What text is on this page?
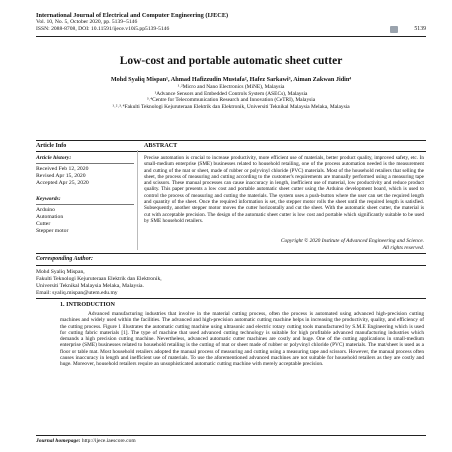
International Journal of Electrical and Computer Engineering (IJECE)
Vol. 10, No. 5, October 2020, pp. 5139~5146
ISSN: 2088-8708, DOI: 10.11591/ijece.v10i5.pp5139-5146	5139
Low-cost and portable automatic sheet cutter
Mohd Syaliq Mispan¹, Ahmad Hafizzudin Mustafa², Hafez Sarkawi³, Aiman Zakwan Jidin⁴
¹˒²Micro and Nano Electronics (MiNE), Malaysia
¹Advance Sensors and Embedded Controls System (ASECs), Malaysia
³˒⁴Centre for Telecommunication Research and Innovation (CeTRI), Malaysia
¹˒²˒³˒⁴Fakulti Teknologi Kejuruteraan Elektrik dan Elektronik, Universiti Teknikal Malaysia Melaka, Malaysia
Article Info	ABSTRACT
Article history:
Received Feb 12, 2020
Revised Apr 15, 2020
Accepted Apr 25, 2020
Keywords:
Arduino
Automation
Cutter
Stepper motor
Precise automation is crucial to increase productivity, more efficient use of materials, better product quality, improved safety, etc. In small-medium enterprise (SME) businesses related to household retailing, one of the process automation needed is the measurement and cutting of the mat or sheet, made of rubber or polyvinyl chloride (PVC) materials. Most of the household retailers that selling the sheet, the process of measuring and cutting according to the customer's requirements are manually performed using a measuring tape and scissors. These manual processes can cause inaccuracy in length, inefficient use of material, low productivity and reduce product quality. This paper presents a low cost and portable automatic sheet cutter using the Arduino development board, which is used to control the process of measuring and cutting the materials. The system uses a push-button where the user can set the required length and quantity of the sheet. Once the required information is set, the stepper motor rolls the sheet until the required length is satisfied. Subsequently, another stepper motor moves the cutter horizontally and cut the sheet. With the automatic sheet cutter, the material is cut with acceptable precision. The design of the automatic sheet cutter is low cost and portable which significantly suitable to be used by SME household retailers.
Copyright © 2020 Institute of Advanced Engineering and Science.
All rights reserved.
Corresponding Author:
Mohd Syaliq Mispan,
Fakulti Teknologi Kejuruteraan Elektrik dan Elektronik,
Universiti Teknikal Malaysia Melaka, Malaysia.
Email: syaliq.mispan@utem.edu.my
1. INTRODUCTION
Advanced manufacturing industries that involve in the material cutting process, often the process is automated using advanced high-precision cutting machines and widely used within the facilities. The advanced and high-precision automatic cutting machine helps in increasing the productivity, quality, and efficiency of the cutting process. Figure 1 illustrates the automatic cutting machine using ultrasonic and electric rotary cutting tools manufactured by S.M.E Engineering which is used for cutting fabric materials [1]. The type of machine that used advanced cutting technology is suitable for high profitable advanced manufacturing industries which demands a high precision cutting machine. Nevertheless, advanced automatic cutter machines are costly and huge. One of the cutting applications in small-medium enterprise (SME) businesses related to household retailing is the cutting of mat or sheet made of rubber or polyvinyl chloride (PVC) materials. The mat/sheet is used as a floor or table mat. Most household retailers adopted the manual process of measuring and cutting using a measuring tape and scissors. However, the manual process often causes inaccuracy in length and inefficient use of materials. To use the aforementioned advanced machines are not suitable for household retailers as they are costly and huge. Moreover, household retailers require an unsophisticated automatic cutting machine with merely acceptable precision.
Journal homepage: http://ijece.iaescore.com
